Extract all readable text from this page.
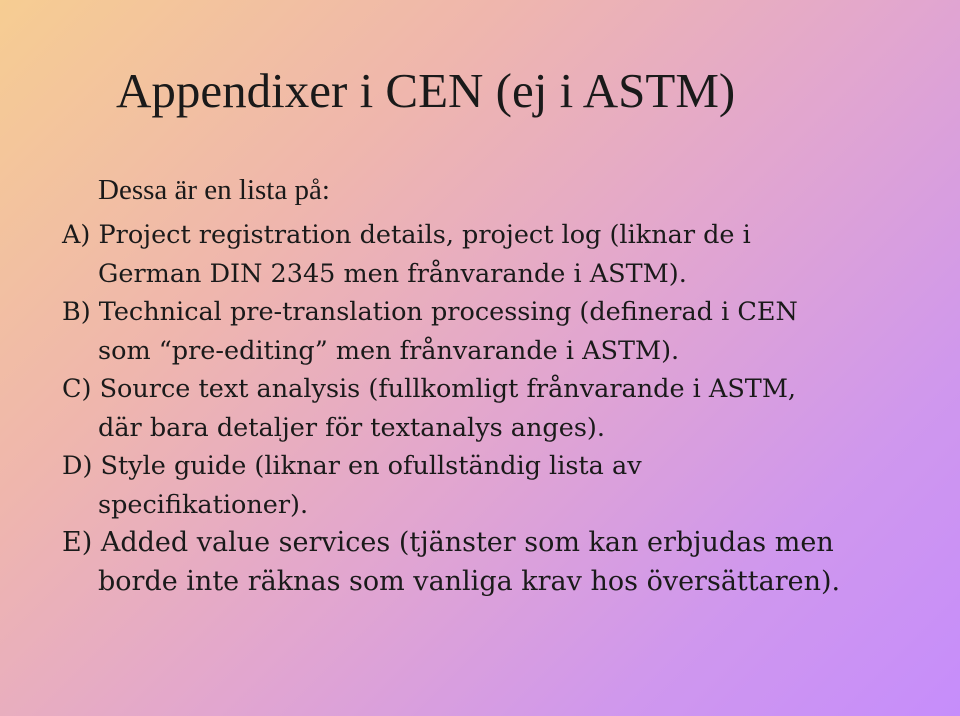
Appendixer i CEN (ej i ASTM)
Dessa är en lista på:
A) Project registration details, project log (liknar de i
German DIN 2345 men frånvarande i ASTM).
B) Technical pre-translation processing (definerad i CEN
som “pre-editing” men frånvarande i ASTM).
C) Source text analysis (fullkomligt frånvarande i ASTM,
där bara detaljer för textanalys anges).
D) Style guide (liknar en ofullständig lista av
specifikationer).
E) Added value services (tjänster som kan erbjudas men
borde inte räknas som vanliga krav hos översättaren).
